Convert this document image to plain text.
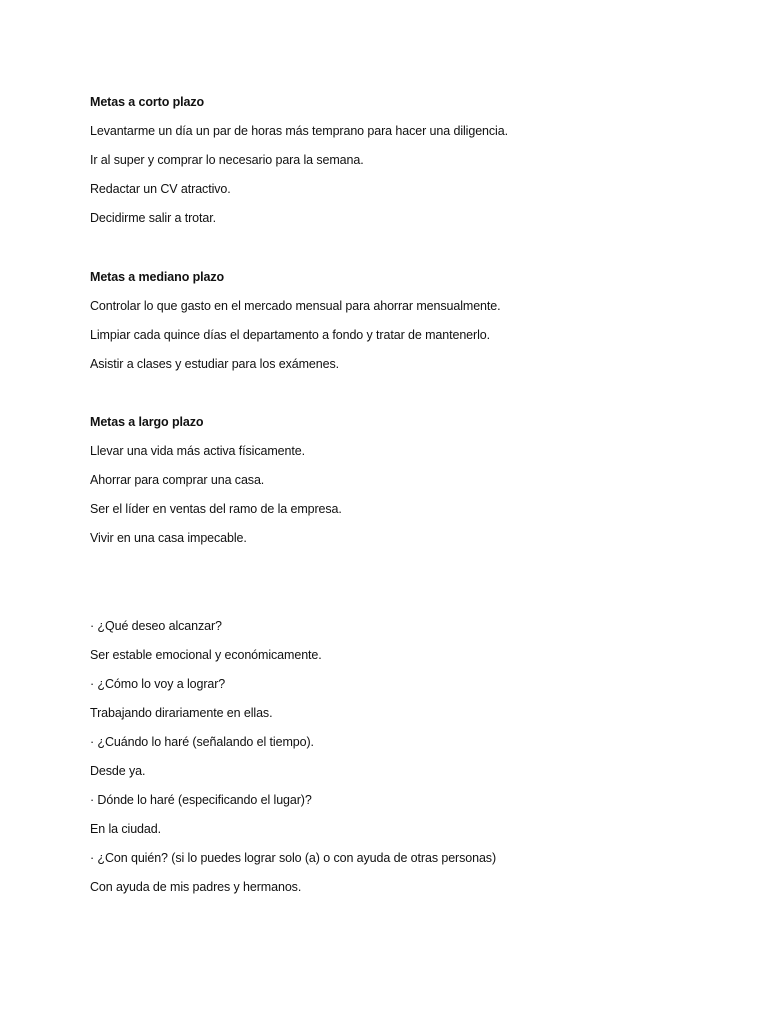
Metas a corto plazo
Levantarme un día un par de horas más temprano para hacer una diligencia.
Ir al super y comprar lo necesario para la semana.
Redactar un CV atractivo.
Decidirme salir a trotar.
Metas a mediano plazo
Controlar lo que gasto en el mercado mensual para ahorrar mensualmente.
Limpiar cada quince días el departamento a fondo y tratar de mantenerlo.
Asistir a clases y estudiar para los exámenes.
Metas a largo plazo
Llevar una vida más activa físicamente.
Ahorrar para comprar una casa.
Ser el líder en ventas del ramo de la empresa.
Vivir en una casa impecable.
· ¿Qué deseo alcanzar?
Ser estable emocional y económicamente.
· ¿Cómo lo voy a lograr?
Trabajando dirariamente en ellas.
· ¿Cuándo lo haré (señalando el tiempo).
Desde ya.
· Dónde lo haré (especificando el lugar)?
En la ciudad.
· ¿Con quién? (si lo puedes lograr solo (a) o con ayuda de otras personas)
Con ayuda de mis padres y hermanos.
